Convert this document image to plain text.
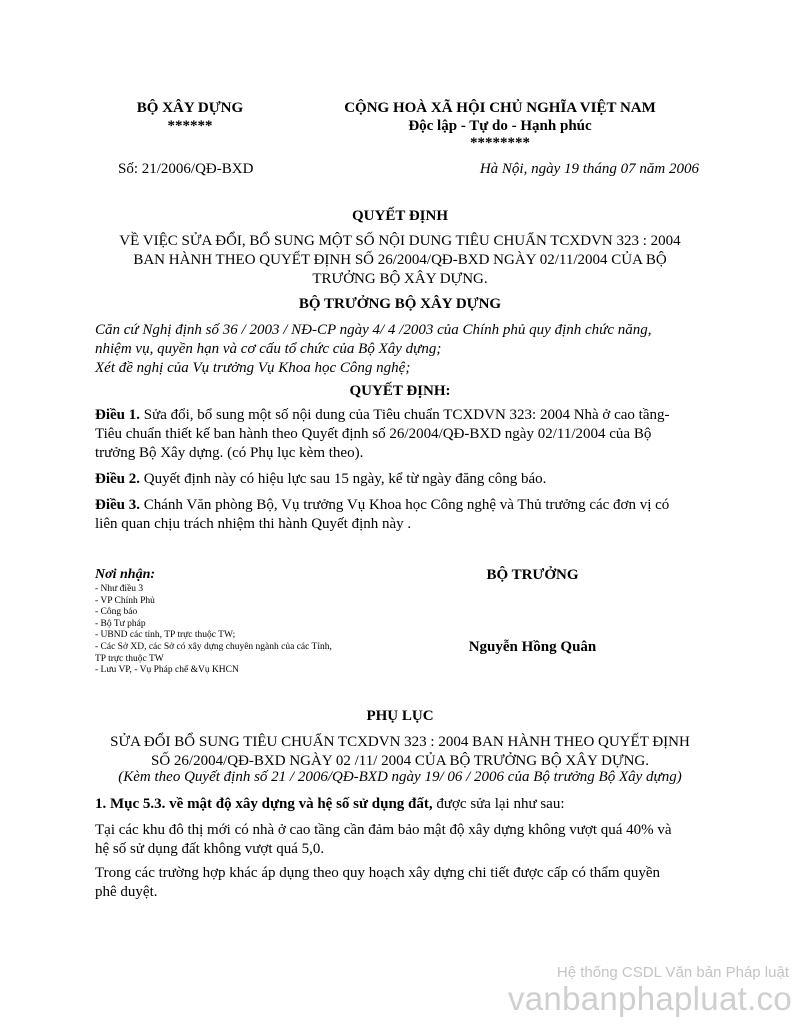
BỘ XÂY DỰNG
******
CỘNG HOÀ XÃ HỘI CHỦ NGHĨA VIỆT NAM
Độc lập - Tự do - Hạnh phúc
********
Số: 21/2006/QĐ-BXD	Hà Nội, ngày 19 tháng 07 năm 2006
QUYẾT ĐỊNH
VỀ VIỆC SỬA ĐỔI, BỔ SUNG MỘT SỐ NỘI DUNG TIÊU CHUẨN TCXDVN 323 : 2004
BAN HÀNH THEO QUYẾT ĐỊNH SỐ 26/2004/QĐ-BXD NGÀY 02/11/2004 CỦA BỘ
TRƯỞNG BỘ XÂY DỰNG.
BỘ TRƯỞNG BỘ XÂY DỰNG
Căn cứ Nghị định số 36 / 2003 / NĐ-CP ngày 4/ 4 /2003 của Chính phủ quy định chức năng,
nhiệm vụ, quyền hạn và cơ cấu tổ chức của Bộ Xây dựng;
Xét đề nghị của Vụ trưởng Vụ Khoa học Công nghệ;
QUYẾT ĐỊNH:
Điều 1. Sửa đổi, bổ sung một số nội dung của Tiêu chuẩn TCXDVN 323: 2004 Nhà ở cao tầng-
Tiêu chuẩn thiết kế ban hành theo Quyết định số 26/2004/QĐ-BXD ngày 02/11/2004 của Bộ
trưởng Bộ Xây dựng. (có Phụ lục kèm theo).
Điều 2. Quyết định này có hiệu lực sau 15 ngày, kể từ ngày đăng công báo.
Điều 3. Chánh Văn phòng Bộ, Vụ trưởng Vụ Khoa học Công nghệ và Thủ trưởng các đơn vị có
liên quan chịu trách nhiệm thi hành Quyết định này .
Nơi nhận:
- Như điều 3
- VP Chính Phủ
- Công báo
- Bộ Tư pháp
- UBND các tỉnh, TP trực thuộc TW;
- Các Sở XD, các Sở có xây dựng chuyên ngành của các Tỉnh,
TP trực thuộc TW
- Lưu VP, - Vụ Pháp chế &Vụ KHCN
BỘ TRƯỞNG
Nguyễn Hồng Quân
PHỤ LỤC
SỬA ĐỔI BỔ SUNG TIÊU CHUẨN TCXDVN 323 : 2004 BAN HÀNH THEO QUYẾT ĐỊNH
SỐ 26/2004/QĐ-BXD NGÀY 02 /11/ 2004 CỦA BỘ TRƯỞNG BỘ XÂY DỰNG.
(Kèm theo Quyết định số 21 / 2006/QĐ-BXD ngày 19/ 06 / 2006 của Bộ trưởng Bộ Xây dựng)
1. Mục 5.3. về mật độ xây dựng và hệ số sử dụng đất, được sửa lại như sau:
Tại các khu đô thị mới có nhà ở cao tầng cần đảm bảo mật độ xây dựng không vượt quá 40% và
hệ số sử dụng đất không vượt quá 5,0.
Trong các trường hợp khác áp dụng theo quy hoạch xây dựng chi tiết được cấp có thẩm quyền
phê duyệt.
Hệ thống CSDL Văn bản Pháp luật
vanbanphapluat.co
